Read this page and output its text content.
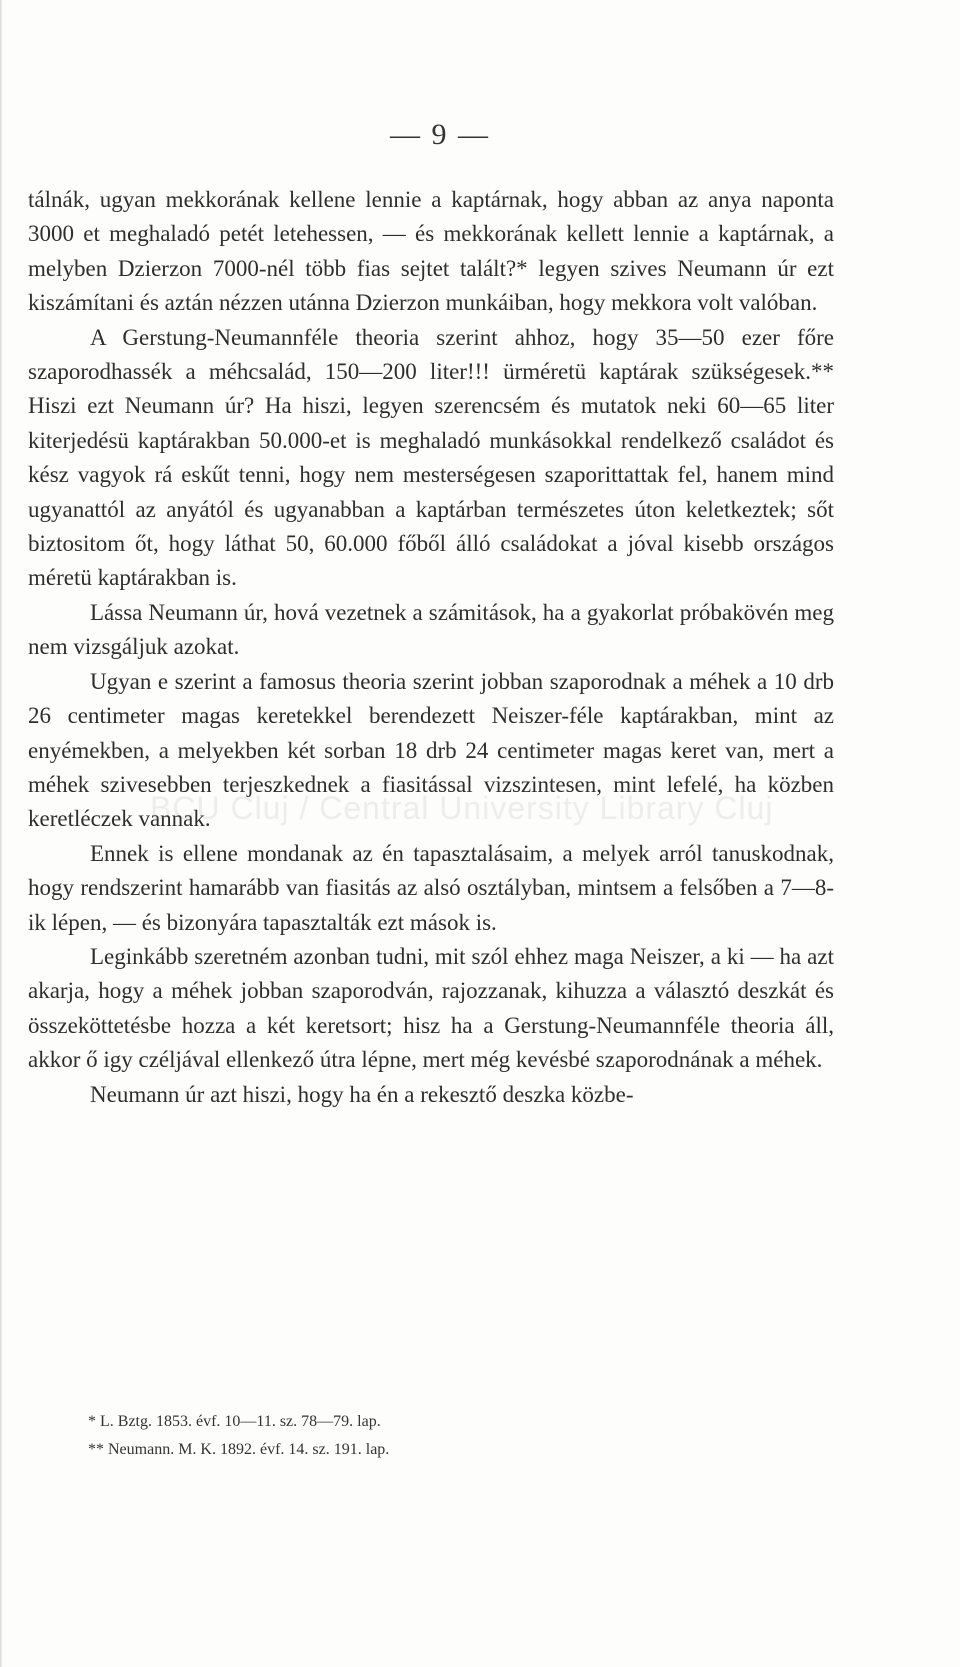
— 9 —

tálnák, ugyan mekkorának kellene lennie a kaptárnak, hogy abban az anya naponta 3000 et meghaladó petét letehessen, — és mekkorának kellett lennie a kaptárnak, a melyben Dzierzon 7000-nél több fias sejtet talált?* legyen szives Neumann úr ezt kiszámítani és aztán nézzen utánna Dzierzon munkáiban, hogy mekkora volt valóban.

A Gerstung-Neumannféle theoria szerint ahhoz, hogy 35—50 ezer főre szaporodhassék a méhcsalád, 150—200 liter!!! ürméretü kaptárak szükségesek.** Hiszi ezt Neumann úr? Ha hiszi, legyen szerencsém és mutatok neki 60—65 liter kiterjedésü kaptárakban 50.000-et is meghaladó munkásokkal rendelkező családot és kész vagyok rá eskűt tenni, hogy nem mesterségesen szaporittattak fel, hanem mind ugyanattól az anyától és ugyanabban a kaptárban természetes úton keletkeztek; sőt biztositom őt, hogy láthat 50, 60.000 főből álló családokat a jóval kisebb országos méretü kaptárakban is.

Lássa Neumann úr, hová vezetnek a számitások, ha a gyakorlat próbakövén meg nem vizsgáljuk azokat.

Ugyan e szerint a famosus theoria szerint jobban szaporodnak a méhek a 10 drb 26 centimeter magas keretekkel berendezett Neiszer-féle kaptárakban, mint az enyémekben, a melyekben két sorban 18 drb 24 centimeter magas keret van, mert a méhek szivesebben terjeszkednek a fiasitással vizszintesen, mint lefelé, ha közben keretléczek vannak.

Ennek is ellene mondanak az én tapasztalásaim, a melyek arról tanuskodnak, hogy rendszerint hamarább van fiasitás az alsó osztályban, mintsem a felsőben a 7—8-ik lépen, — és bizonyára tapasztalták ezt mások is.

Leginkább szeretném azonban tudni, mit szól ehhez maga Neiszer, a ki — ha azt akarja, hogy a méhek jobban szaporodván, rajozzanak, kihuzza a választó deszkát és összeköttetésbe hozza a két keretsort; hisz ha a Gerstung-Neumannféle theoria áll, akkor ő igy czéljával ellenkező útra lépne, mert még kevésbé szaporodnának a méhek.

Neumann úr azt hiszi, hogy ha én a rekesztő deszka közbe-

BCU Cluj / Central University Library Cluj
* L. Bztg. 1853. évf. 10—11. sz. 78—79. lap.
** Neumann. M. K. 1892. évf. 14. sz. 191. lap.
